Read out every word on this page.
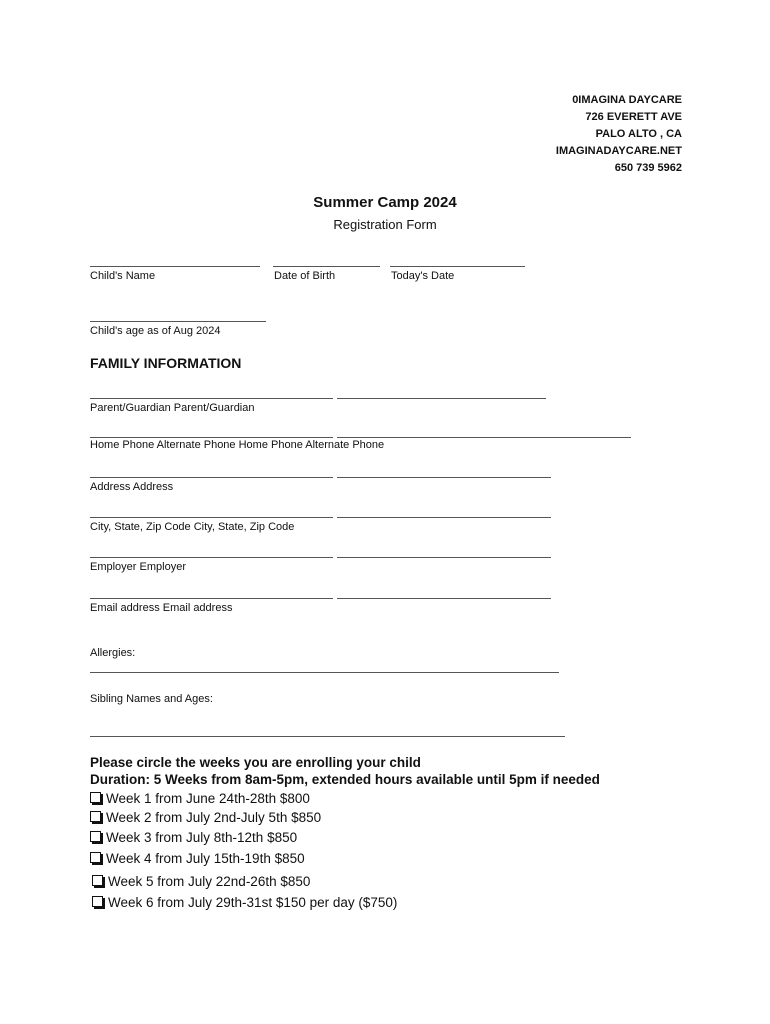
0IMAGINA DAYCARE
726 EVERETT AVE
PALO ALTO , CA
IMAGINADAYCARE.NET
650 739 5962
Summer Camp 2024
Registration Form
Child's Name	Date of Birth	Today's Date
Child's age as of Aug 2024
FAMILY INFORMATION
Parent/Guardian Parent/Guardian
Home Phone Alternate Phone Home Phone Alternate Phone
Address Address
City, State, Zip Code City, State, Zip Code
Employer Employer
Email address Email address
Allergies:
Sibling Names and Ages:
Please circle the weeks you are enrolling your child
Duration: 5 Weeks from 8am-5pm, extended hours available until 5pm if needed
Week 1 from June 24th-28th $800
Week 2 from July 2nd-July 5th $850
Week 3 from July 8th-12th $850
Week 4 from July 15th-19th $850
Week 5 from July 22nd-26th $850
Week 6 from July 29th-31st $150 per day ($750)
